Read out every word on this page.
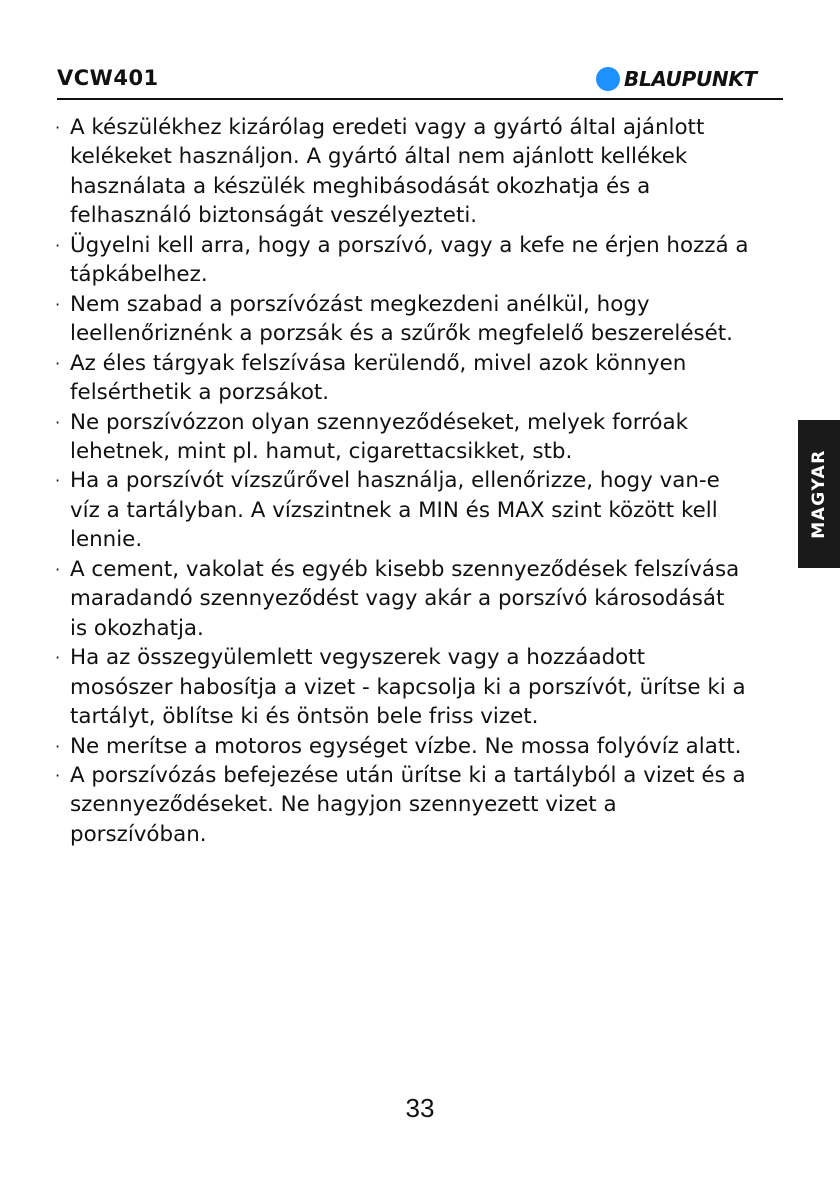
VCW401	BLAUPUNKT
· A készülékhez kizárólag eredeti vagy a gyártó által ajánlott
kelékeket használjon. A gyártó által nem ajánlott kellékek
használata a készülék meghibásodását okozhatja és a
felhasználó biztonságát veszélyezteti.
· Ügyelni kell arra, hogy a porszívó, vagy a kefe ne érjen hozzá a
tápkábelhez.
· Nem szabad a porszívózást megkezdeni anélkül, hogy
leellenőriznénk a porzsák és a szűrők megfelelő beszerelését.
· Az éles tárgyak felszívása kerülendő, mivel azok könnyen
felsérthetik a porzsákot.
· Ne porszívózzon olyan szennyeződéseket, melyek forróak
lehetnek, mint pl. hamut, cigarettacsikket, stb.
· Ha a porszívót vízszűrővel használja, ellenőrizze, hogy van-e
víz a tartályban. A vízszintnek a MIN és MAX szint között kell
lennie.
· A cement, vakolat és egyéb kisebb szennyeződések felszívása
maradandó szennyeződést vagy akár a porszívó károsodását
is okozhatja.
· Ha az összegyülemlett vegyszerek vagy a hozzáadott
mosószer habosítja a vizet - kapcsolja ki a porszívót, ürítse ki a
tartályt, öblítse ki és öntsön bele friss vizet.
· Ne merítse a motoros egységet vízbe. Ne mossa folyóvíz alatt.
· A porszívózás befejezése után ürítse ki a tartályból a vizet és a
szennyeződéseket. Ne hagyjon szennyezett vizet a
porszívóban.
MAGYAR
33
